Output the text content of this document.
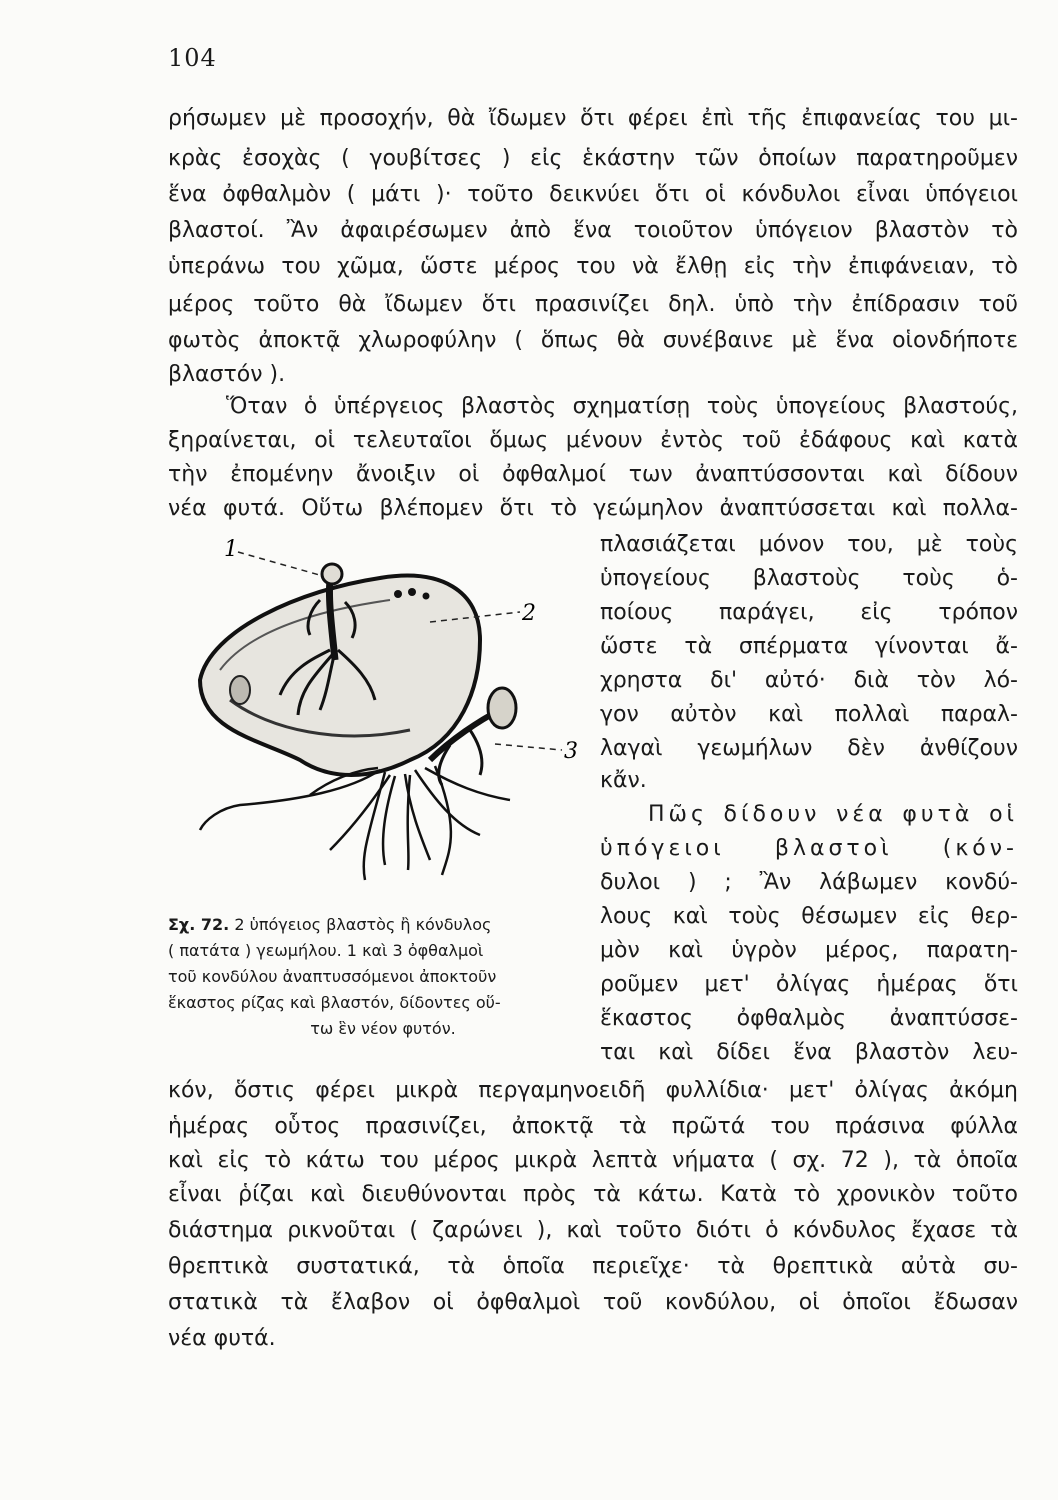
104
ρήσωμεν μὲ προσοχήν, θὰ ἴδωμεν ὅτι φέρει ἐπὶ τῆς ἐπιφανείας του μι-
κρὰς ἐσοχὰς ( γουβίτσες ) εἰς ἑκάστην τῶν ὁποίων παρατηροῦμεν
ἕνα ὀφθαλμὸν ( μάτι )· τοῦτο δεικνύει ὅτι οἱ κόνδυλοι εἶναι ὑπόγειοι
βλαστοί. Ἂν ἀφαιρέσωμεν ἀπὸ ἕνα τοιοῦτον ὑπόγειον βλαστὸν τὸ
ὑπεράνω του χῶμα, ὥστε μέρος του νὰ ἔλθῃ εἰς τὴν ἐπιφάνειαν, τὸ
μέρος τοῦτο θὰ ἴδωμεν ὅτι πρασινίζει δηλ. ὑπὸ τὴν ἐπίδρασιν τοῦ
φωτὸς ἀποκτᾷ χλωροφύλην ( ὅπως θὰ συνέβαινε μὲ ἕνα οἱονδήποτε
βλαστόν ).
Ὅταν ὁ ὑπέργειος βλαστὸς σχηματίσῃ τοὺς ὑπογείους βλαστούς,
ξηραίνεται, οἱ τελευταῖοι ὅμως μένουν ἐντὸς τοῦ ἐδάφους καὶ κατὰ
τὴν ἐπομένην ἄνοιξιν οἱ ὀφθαλμοί των ἀναπτύσσονται καὶ δίδουν
νέα φυτά. Οὕτω βλέπομεν ὅτι τὸ γεώμηλον ἀναπτύσσεται καὶ πολλα-
πλασιάζεται μόνον του, μὲ τοὺς
ὑπογείους βλαστοὺς τοὺς ὁ-
ποίους παράγει, εἰς τρόπον
ὥστε τὰ σπέρματα γίνονται ἄ-
χρηστα δι' αὐτό· διὰ τὸν λό-
γον αὐτὸν καὶ πολλαὶ παραλ-
λαγαὶ γεωμήλων δὲν ἀνθίζουν
κἄν.
Πῶς δίδουν νέα φυτὰ οἱ
ὑπόγειοι βλαστοὶ (κόν-
δυλοι ) ; Ἂν λάβωμεν κονδύ-
λους καὶ τοὺς θέσωμεν εἰς θερ-
μὸν καὶ ὑγρὸν μέρος, παρατη-
ροῦμεν μετ' ὀλίγας ἡμέρας ὅτι
ἕκαστος ὀφθαλμὸς ἀναπτύσσε-
ται καὶ δίδει ἕνα βλαστὸν λευ-
κόν, ὅστις φέρει μικρὰ περγαμηνοειδῆ φυλλίδια· μετ' ὀλίγας ἀκόμη
ἡμέρας οὗτος πρασινίζει, ἀποκτᾷ τὰ πρῶτά του πράσινα φύλλα
καὶ εἰς τὸ κάτω του μέρος μικρὰ λεπτὰ νήματα ( σχ. 72 ), τὰ ὁποῖα
εἶναι ῥίζαι καὶ διευθύνονται πρὸς τὰ κάτω. Κατὰ τὸ χρονικὸν τοῦτο
διάστημα ρικνοῦται ( ζαρώνει ), καὶ τοῦτο διότι ὁ κόνδυλος ἔχασε τὰ
θρεπτικὰ συστατικά, τὰ ὁποῖα περιεῖχε· τὰ θρεπτικὰ αὐτὰ συ-
στατικὰ τὰ ἔλαβον οἱ ὀφθαλμοὶ τοῦ κονδύλου, οἱ ὁποῖοι ἔδωσαν
νέα φυτά.
1
2
3
Σχ. 72. 2 ὑπόγειος βλαστὸς ἢ κόνδυλος
( πατάτα ) γεωμήλου. 1 καὶ 3 ὀφθαλμοὶ
τοῦ κονδύλου ἀναπτυσσόμενοι ἀποκτοῦν
ἕκαστος ρίζας καὶ βλαστόν, δίδοντες οὕ-
τω ἓν νέον φυτόν.
